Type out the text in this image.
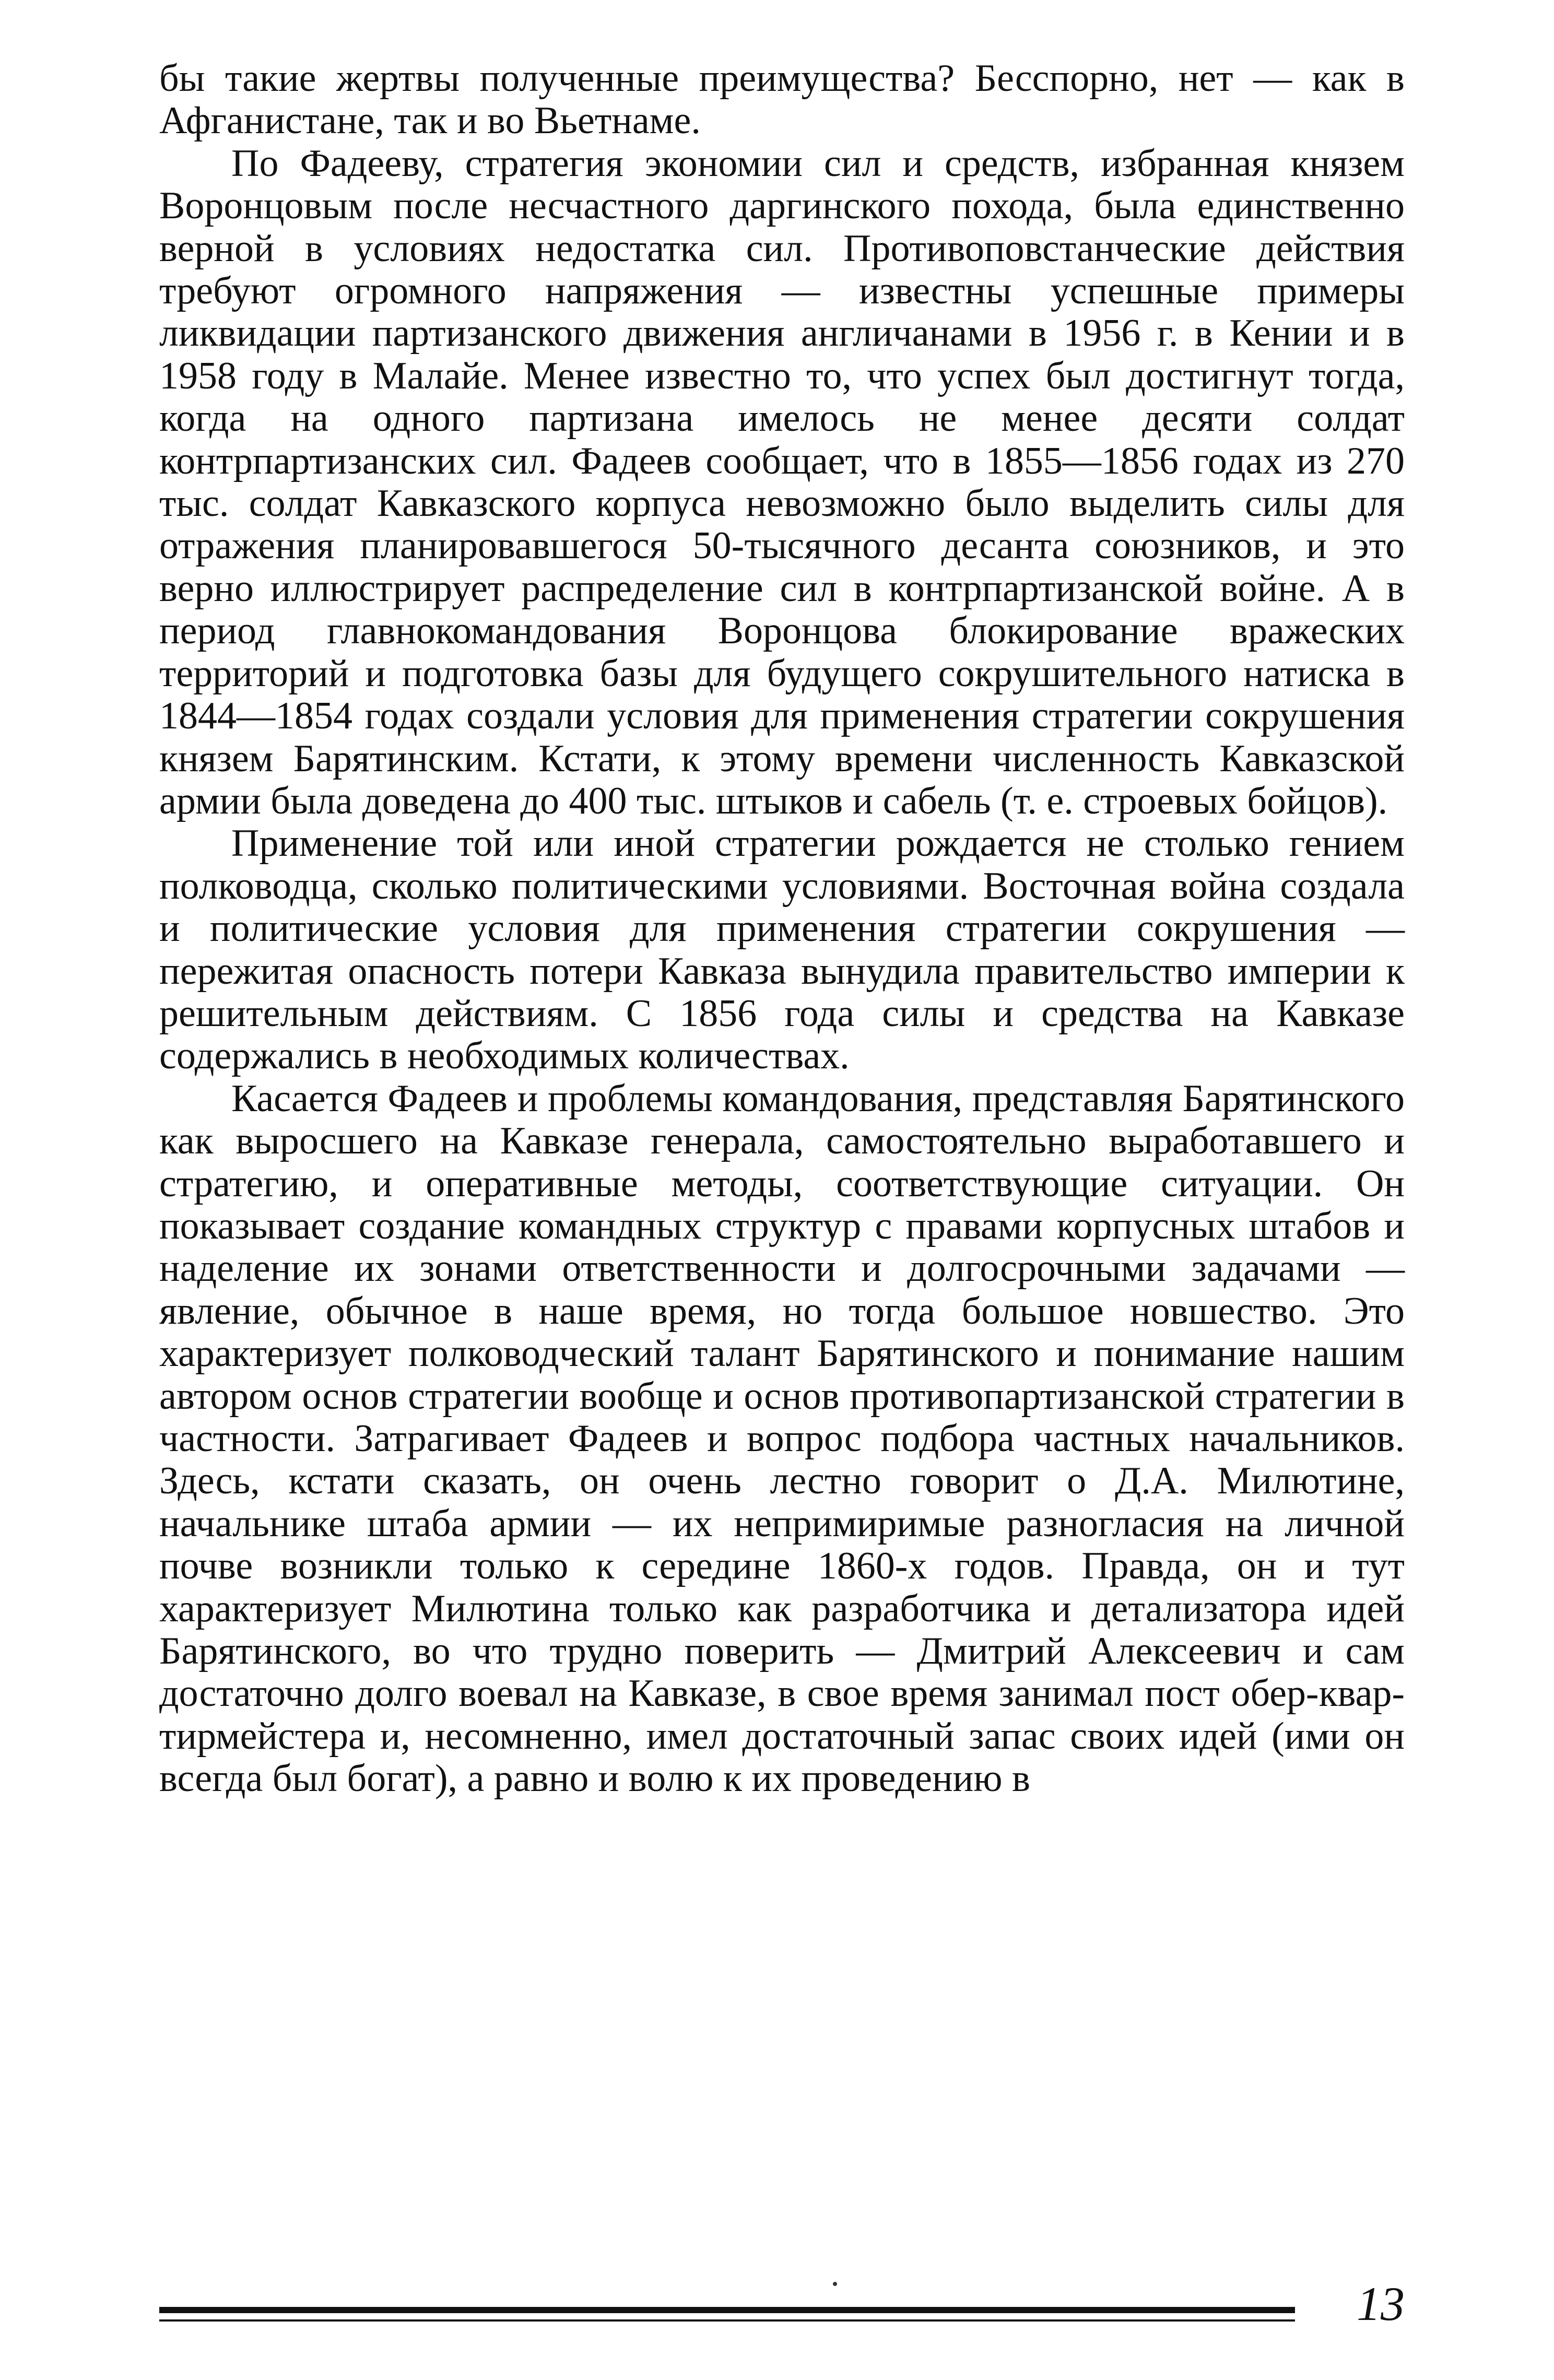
бы такие жертвы полученные преимущества? Бесспорно, нет — как в Афганистане, так и во Вьетнаме.

По Фадееву, стратегия экономии сил и средств, избранная князем Воронцовым после несчастного даргинского похода, была единственно верной в условиях недостатка сил. Противоповстанческие действия требуют огромного напряжения — известны успешные примеры ликвидации партизанского движения англичанами в 1956 г. в Кении и в 1958 году в Малайе. Менее известно то, что успех был достигнут тогда, когда на одного партизана имелось не менее десяти солдат контрпартизанских сил. Фадеев сообщает, что в 1855—1856 годах из 270 тыс. солдат Кавказского корпуса невозможно было выделить силы для отражения планировавшегося 50-тысячного десанта союзников, и это верно иллюстрирует распределение сил в контрпартизанской войне. А в период главнокомандования Воронцова блокирование вражеских территорий и подготовка базы для будущего сокрушительного натиска в 1844—1854 годах создали условия для применения стратегии сокрушения князем Барятинским. Кстати, к этому времени численность Кавказской армии была доведена до 400 тыс. штыков и сабель (т. е. строевых бойцов).

Применение той или иной стратегии рождается не столько гением полководца, сколько политическими условиями. Восточная война создала и политические условия для применения стратегии сокрушения — пережитая опасность потери Кавказа вынудила правительство империи к решительным действиям. С 1856 года силы и средства на Кавказе содержались в необходимых количествах.

Касается Фадеев и проблемы командования, представляя Барятинского как выросшего на Кавказе генерала, самостоятельно выработавшего и стратегию, и оперативные методы, соответствующие ситуации. Он показывает создание командных структур с правами корпусных штабов и наделение их зонами ответственности и долгосрочными задачами — явление, обычное в наше время, но тогда большое новшество. Это характеризует полководческий талант Барятинского и понимание нашим автором основ стратегии вообще и основ противопартизанской стратегии в частности. Затрагивает Фадеев и вопрос подбора частных начальников. Здесь, кстати сказать, он очень лестно говорит о Д.А. Милютине, начальнике штаба армии — их непримиримые разногласия на личной почве возникли только к середине 1860-х годов. Правда, он и тут характеризует Милютина только как разработчика и детализатора идей Барятинского, во что трудно поверить — Дмитрий Алексеевич и сам достаточно долго воевал на Кавказе, в свое время занимал пост обер-квартирмейстера и, несомненно, имел достаточный запас своих идей (ими он всегда был богат), а равно и волю к их проведению в

13
